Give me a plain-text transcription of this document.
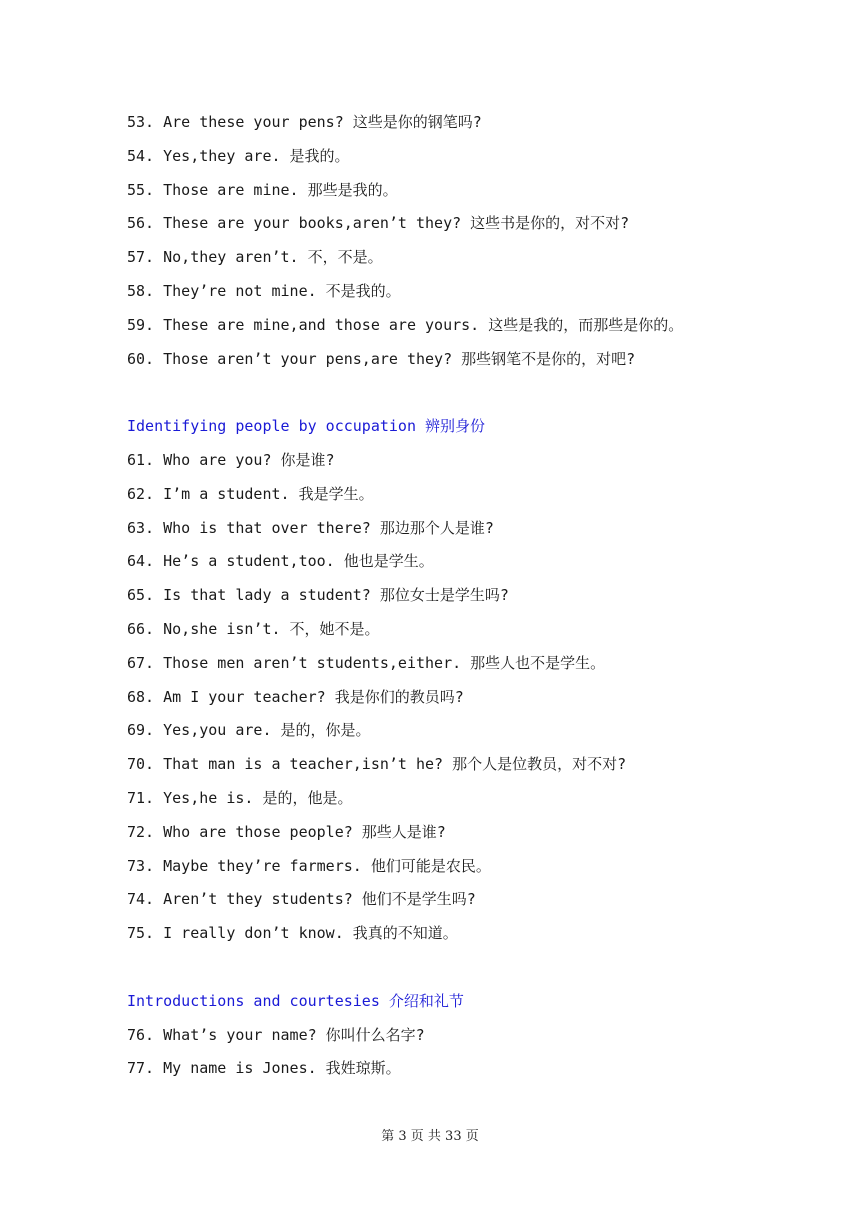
53. Are these your pens? 这些是你的钢笔吗?
54. Yes,they are. 是我的。
55. Those are mine. 那些是我的。
56. These are your books,aren’t they? 这些书是你的，对不对?
57. No,they aren’t. 不，不是。
58. They’re not mine. 不是我的。
59. These are mine,and those are yours. 这些是我的，而那些是你的。
60. Those aren’t your pens,are they? 那些钢笔不是你的，对吧?
Identifying people by occupation 辨别身份
61. Who are you? 你是谁?
62. I’m a student. 我是学生。
63. Who is that over there? 那边那个人是谁?
64. He’s a student,too. 他也是学生。
65. Is that lady a student? 那位女士是学生吗?
66. No,she isn’t. 不，她不是。
67. Those men aren’t students,either. 那些人也不是学生。
68. Am I your teacher? 我是你们的教员吗?
69. Yes,you are. 是的，你是。
70. That man is a teacher,isn’t he? 那个人是位教员，对不对?
71. Yes,he is. 是的，他是。
72. Who are those people? 那些人是谁?
73. Maybe they’re farmers. 他们可能是农民。
74. Aren’t they students? 他们不是学生吗?
75. I really don’t know. 我真的不知道。
Introductions and courtesies 介绍和礼节
76. What’s your name? 你叫什么名字?
77. My name is Jones. 我姓琼斯。
第 3 页 共 33 页
